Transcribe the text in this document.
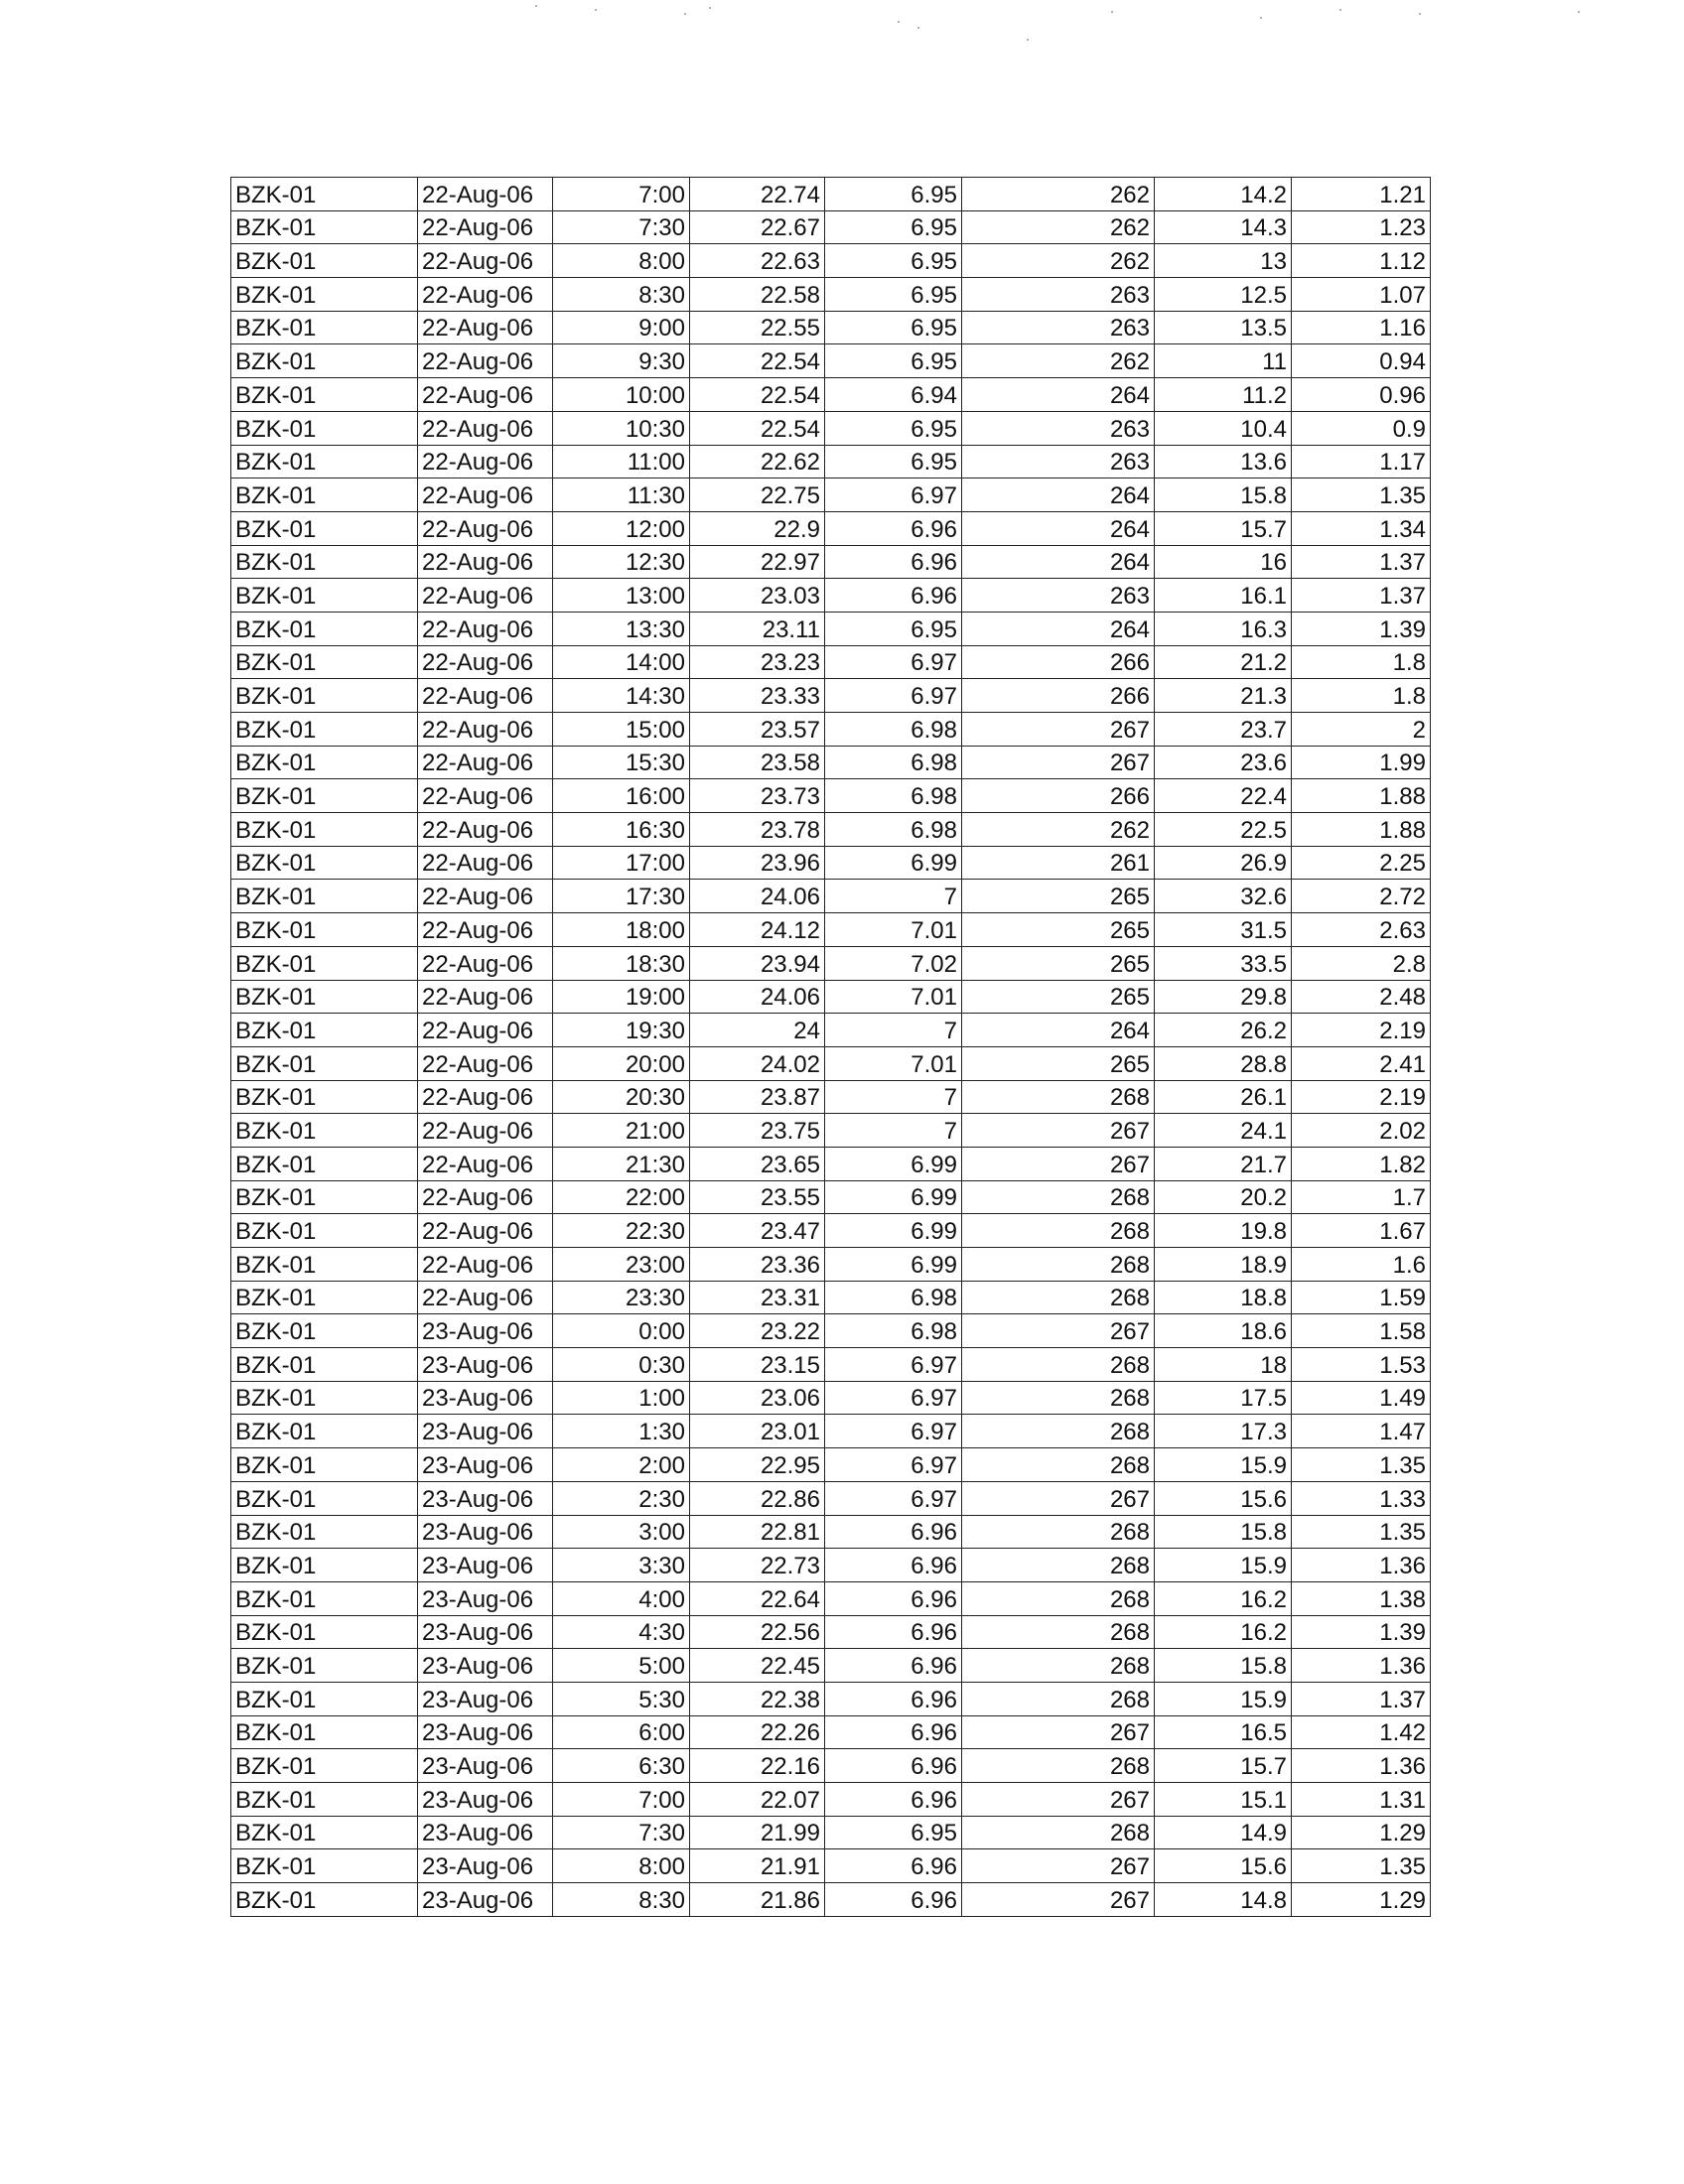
BZK-01	22-Aug-06	7:00	22.74	6.95	262	14.2	1.21
BZK-01	22-Aug-06	7:30	22.67	6.95	262	14.3	1.23
BZK-01	22-Aug-06	8:00	22.63	6.95	262	13	1.12
BZK-01	22-Aug-06	8:30	22.58	6.95	263	12.5	1.07
BZK-01	22-Aug-06	9:00	22.55	6.95	263	13.5	1.16
BZK-01	22-Aug-06	9:30	22.54	6.95	262	11	0.94
BZK-01	22-Aug-06	10:00	22.54	6.94	264	11.2	0.96
BZK-01	22-Aug-06	10:30	22.54	6.95	263	10.4	0.9
BZK-01	22-Aug-06	11:00	22.62	6.95	263	13.6	1.17
BZK-01	22-Aug-06	11:30	22.75	6.97	264	15.8	1.35
BZK-01	22-Aug-06	12:00	22.9	6.96	264	15.7	1.34
BZK-01	22-Aug-06	12:30	22.97	6.96	264	16	1.37
BZK-01	22-Aug-06	13:00	23.03	6.96	263	16.1	1.37
BZK-01	22-Aug-06	13:30	23.11	6.95	264	16.3	1.39
BZK-01	22-Aug-06	14:00	23.23	6.97	266	21.2	1.8
BZK-01	22-Aug-06	14:30	23.33	6.97	266	21.3	1.8
BZK-01	22-Aug-06	15:00	23.57	6.98	267	23.7	2
BZK-01	22-Aug-06	15:30	23.58	6.98	267	23.6	1.99
BZK-01	22-Aug-06	16:00	23.73	6.98	266	22.4	1.88
BZK-01	22-Aug-06	16:30	23.78	6.98	262	22.5	1.88
BZK-01	22-Aug-06	17:00	23.96	6.99	261	26.9	2.25
BZK-01	22-Aug-06	17:30	24.06	7	265	32.6	2.72
BZK-01	22-Aug-06	18:00	24.12	7.01	265	31.5	2.63
BZK-01	22-Aug-06	18:30	23.94	7.02	265	33.5	2.8
BZK-01	22-Aug-06	19:00	24.06	7.01	265	29.8	2.48
BZK-01	22-Aug-06	19:30	24	7	264	26.2	2.19
BZK-01	22-Aug-06	20:00	24.02	7.01	265	28.8	2.41
BZK-01	22-Aug-06	20:30	23.87	7	268	26.1	2.19
BZK-01	22-Aug-06	21:00	23.75	7	267	24.1	2.02
BZK-01	22-Aug-06	21:30	23.65	6.99	267	21.7	1.82
BZK-01	22-Aug-06	22:00	23.55	6.99	268	20.2	1.7
BZK-01	22-Aug-06	22:30	23.47	6.99	268	19.8	1.67
BZK-01	22-Aug-06	23:00	23.36	6.99	268	18.9	1.6
BZK-01	22-Aug-06	23:30	23.31	6.98	268	18.8	1.59
BZK-01	23-Aug-06	0:00	23.22	6.98	267	18.6	1.58
BZK-01	23-Aug-06	0:30	23.15	6.97	268	18	1.53
BZK-01	23-Aug-06	1:00	23.06	6.97	268	17.5	1.49
BZK-01	23-Aug-06	1:30	23.01	6.97	268	17.3	1.47
BZK-01	23-Aug-06	2:00	22.95	6.97	268	15.9	1.35
BZK-01	23-Aug-06	2:30	22.86	6.97	267	15.6	1.33
BZK-01	23-Aug-06	3:00	22.81	6.96	268	15.8	1.35
BZK-01	23-Aug-06	3:30	22.73	6.96	268	15.9	1.36
BZK-01	23-Aug-06	4:00	22.64	6.96	268	16.2	1.38
BZK-01	23-Aug-06	4:30	22.56	6.96	268	16.2	1.39
BZK-01	23-Aug-06	5:00	22.45	6.96	268	15.8	1.36
BZK-01	23-Aug-06	5:30	22.38	6.96	268	15.9	1.37
BZK-01	23-Aug-06	6:00	22.26	6.96	267	16.5	1.42
BZK-01	23-Aug-06	6:30	22.16	6.96	268	15.7	1.36
BZK-01	23-Aug-06	7:00	22.07	6.96	267	15.1	1.31
BZK-01	23-Aug-06	7:30	21.99	6.95	268	14.9	1.29
BZK-01	23-Aug-06	8:00	21.91	6.96	267	15.6	1.35
BZK-01	23-Aug-06	8:30	21.86	6.96	267	14.8	1.29
